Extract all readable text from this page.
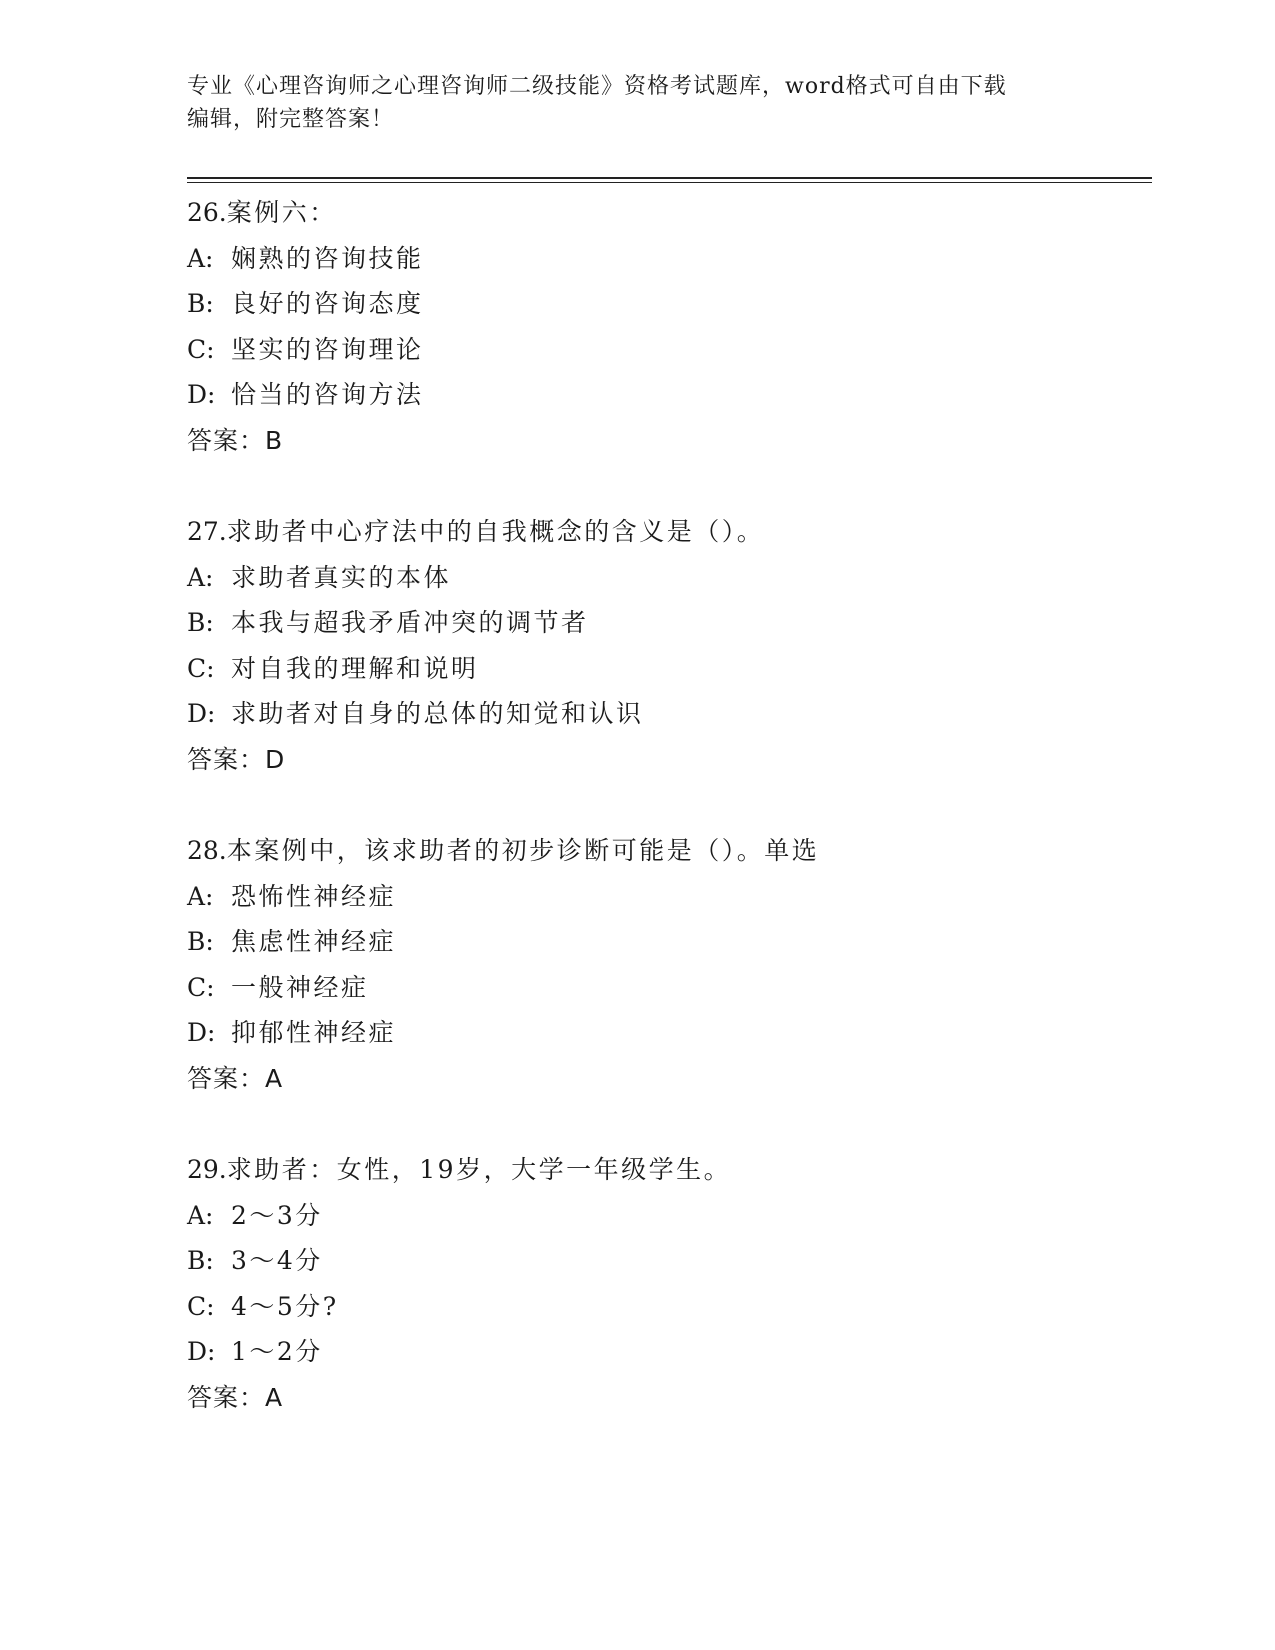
专业《心理咨询师之心理咨询师二级技能》资格考试题库，word格式可自由下载
编辑，附完整答案！
26.案例六：
A: 娴熟的咨询技能
B: 良好的咨询态度
C: 坚实的咨询理论
D: 恰当的咨询方法
答案：B
27.求助者中心疗法中的自我概念的含义是（）。
A: 求助者真实的本体
B: 本我与超我矛盾冲突的调节者
C: 对自我的理解和说明
D: 求助者对自身的总体的知觉和认识
答案：D
28.本案例中，该求助者的初步诊断可能是（）。单选
A: 恐怖性神经症
B: 焦虑性神经症
C: 一般神经症
D: 抑郁性神经症
答案：A
29.求助者：女性，19岁，大学一年级学生。
A: 2～3分
B: 3～4分
C: 4～5分?
D: 1～2分
答案：A
